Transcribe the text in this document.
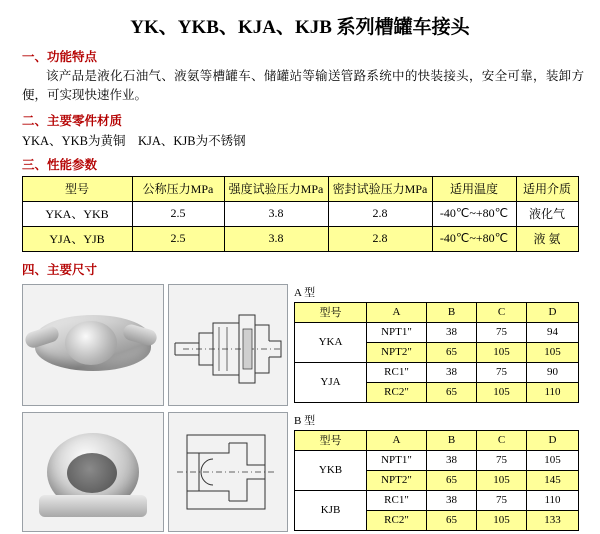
YK、YKB、KJA、KJB 系列槽罐车接头
一、功能特点
该产品是液化石油气、液氨等槽罐车、储罐站等输送管路系统中的快装接头，安全可靠，装卸方便，可实现快速作业。
二、主要零件材质
YKA、YKB为黄铜    KJA、KJB为不锈钢
三、性能参数
型号	公称压力MPa	强度试验压力MPa	密封试验压力MPa	适用温度	适用介质
YKA、YKB	2.5	3.8	2.8	-40℃~+80℃	液化气
YJA、YJB	2.5	3.8	2.8	-40℃~+80℃	液 氨
四、主要尺寸
A 型
型号	A	B	C	D
YKA	NPT1"	38	75	94
	NPT2"	65	105	105
YJA	RC1"	38	75	90
	RC2"	65	105	110
B 型
型号	A	B	C	D
YKB	NPT1"	38	75	105
	NPT2"	65	105	145
KJB	RC1"	38	75	110
	RC2"	65	105	133
